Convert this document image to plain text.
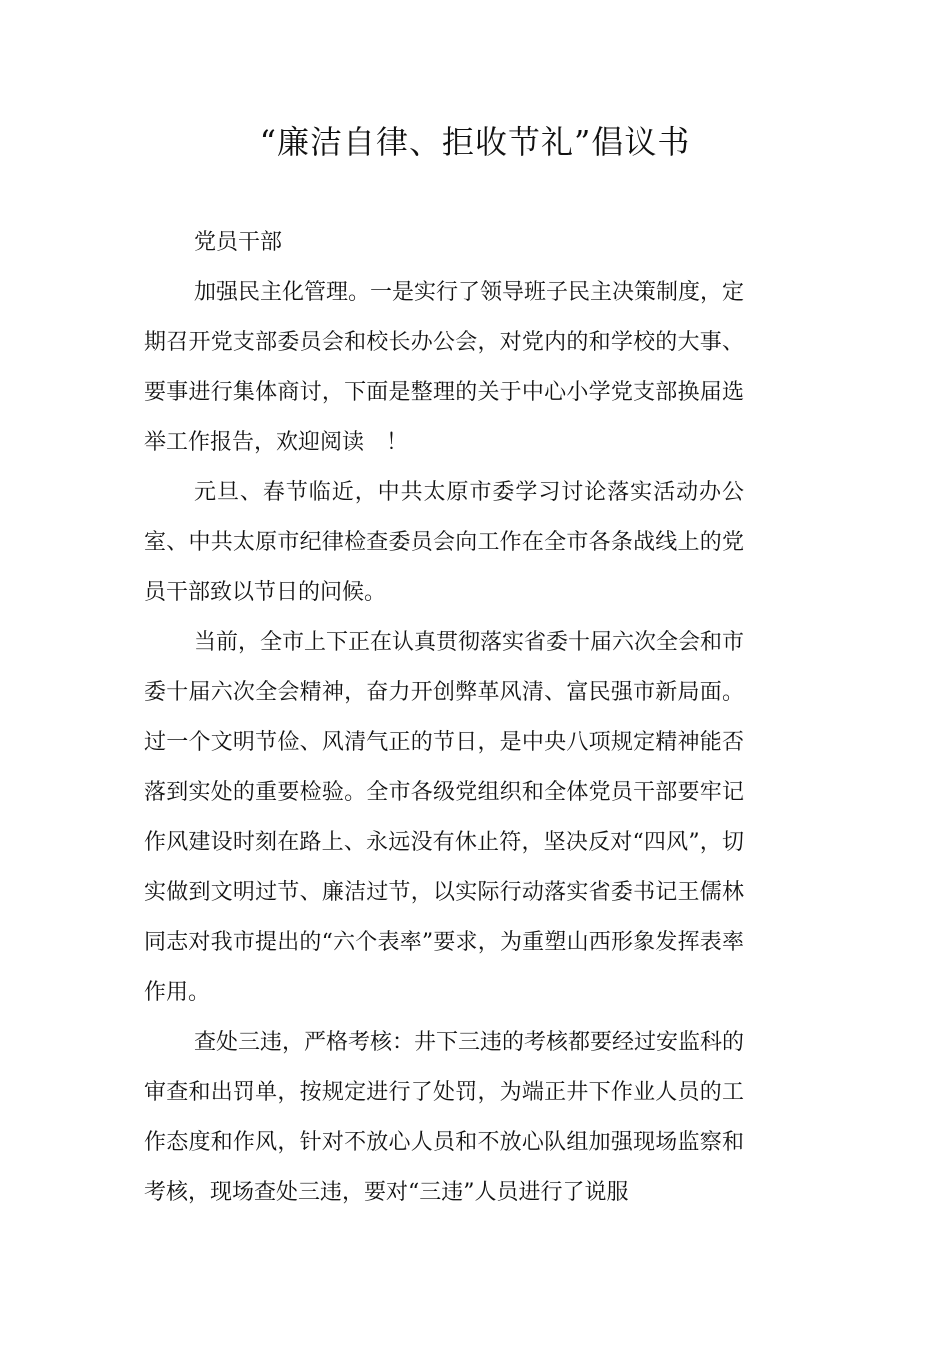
“廉洁自律、拒收节礼”倡议书

党员干部

加强民主化管理。一是实行了领导班子民主决策制度，定期召开党支部委员会和校长办公会，对党内的和学校的大事、要事进行集体商讨，下面是整理的关于中心小学党支部换届选举工作报告，欢迎阅读　！

元旦、春节临近，中共太原市委学习讨论落实活动办公室、中共太原市纪律检查委员会向工作在全市各条战线上的党员干部致以节日的问候。

当前，全市上下正在认真贯彻落实省委十届六次全会和市委十届六次全会精神，奋力开创弊革风清、富民强市新局面。过一个文明节俭、风清气正的节日，是中央八项规定精神能否落到实处的重要检验。全市各级党组织和全体党员干部要牢记作风建设时刻在路上、永远没有休止符，坚决反对“四风”，切实做到文明过节、廉洁过节，以实际行动落实省委书记王儒林同志对我市提出的“六个表率”要求，为重塑山西形象发挥表率作用。

查处三违，严格考核：井下三违的考核都要经过安监科的审查和出罚单，按规定进行了处罚，为端正井下作业人员的工作态度和作风，针对不放心人员和不放心队组加强现场监察和考核，现场查处三违，要对“三违”人员进行了说服
